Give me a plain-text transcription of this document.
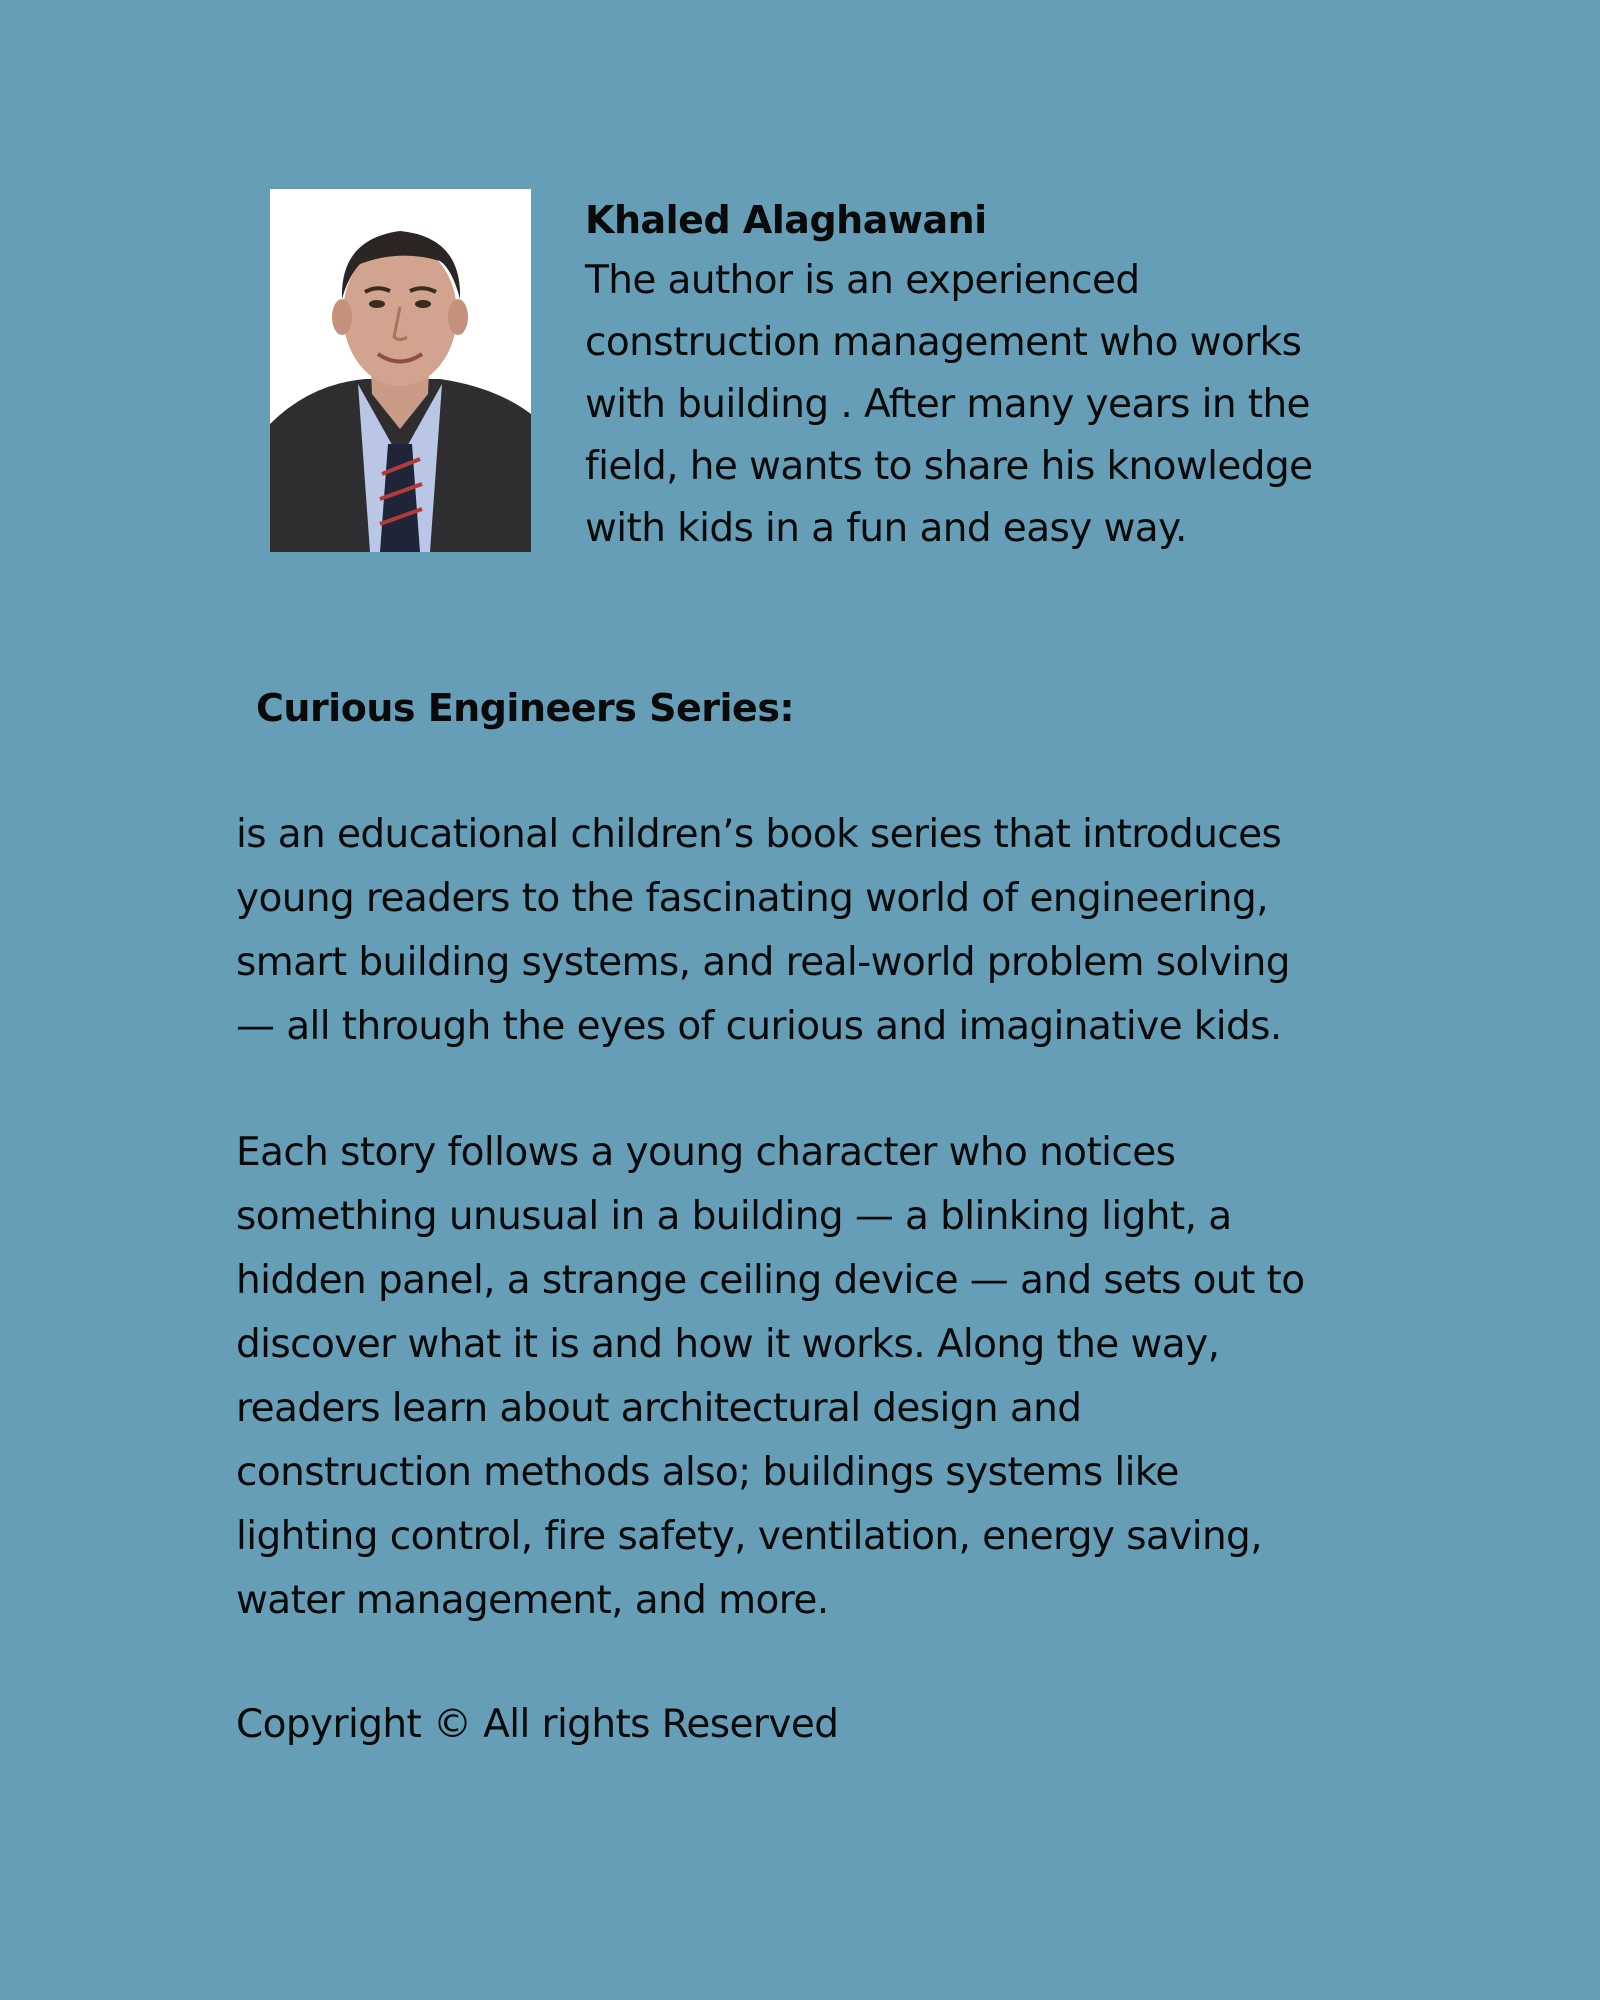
Khaled Alaghawani

The author is an experienced
construction management who works
with building . After many years in the
field, he wants to share his knowledge
with kids in a fun and easy way.

Curious Engineers Series:

is an educational children’s book series that introduces
young readers to the fascinating world of engineering,
smart building systems, and real-world problem solving
— all through the eyes of curious and imaginative kids.

Each story follows a young character who notices
something unusual in a building — a blinking light, a
hidden panel, a strange ceiling device — and sets out to
discover what it is and how it works. Along the way,
readers learn about architectural design and
construction methods also; buildings systems like
lighting control, fire safety, ventilation, energy saving,
water management, and more.

Copyright © All rights Reserved
